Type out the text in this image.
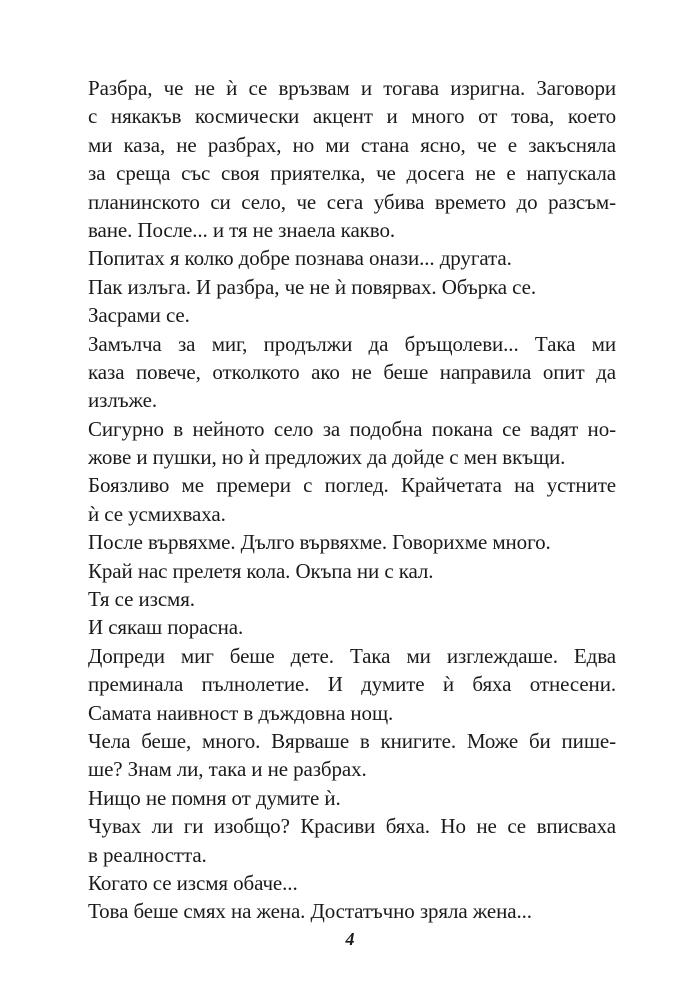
Разбра, че не ѝ се връзвам и тогава изригна. Заговори
с някакъв космически акцент и много от това, което
ми каза, не разбрах, но ми стана ясно, че е закъсняла
за среща със своя приятелка, че досега не е напускала
планинското си село, че сега убива времето до разсъм-
ване. После... и тя не знаела какво.
Попитах я колко добре познава онази... другата.
Пак излъга. И разбра, че не ѝ повярвах. Обърка се.
Засрами се.
Замълча за миг, продължи да бръщолеви... Така ми
каза повече, отколкото ако не беше направила опит да
излъже.
Сигурно в нейното село за подобна покана се вадят но-
жове и пушки, но ѝ предложих да дойде с мен вкъщи.
Боязливо ме премери с поглед. Крайчетата на устните
ѝ се усмихваха.
После вървяхме. Дълго вървяхме. Говорихме много.
Край нас прелетя кола. Окъпа ни с кал.
Тя се изсмя.
И сякаш порасна.
Допреди миг беше дете. Така ми изглеждаше. Едва
преминала пълнолетие. И думите ѝ бяха отнесени.
Самата наивност в дъждовна нощ.
Чела беше, много. Вярваше в книгите. Може би пише-
ше? Знам ли, така и не разбрах.
Нищо не помня от думите ѝ.
Чувах ли ги изобщо? Красиви бяха. Но не се вписваха
в реалността.
Когато се изсмя обаче...
Това беше смях на жена. Достатъчно зряла жена...
4
